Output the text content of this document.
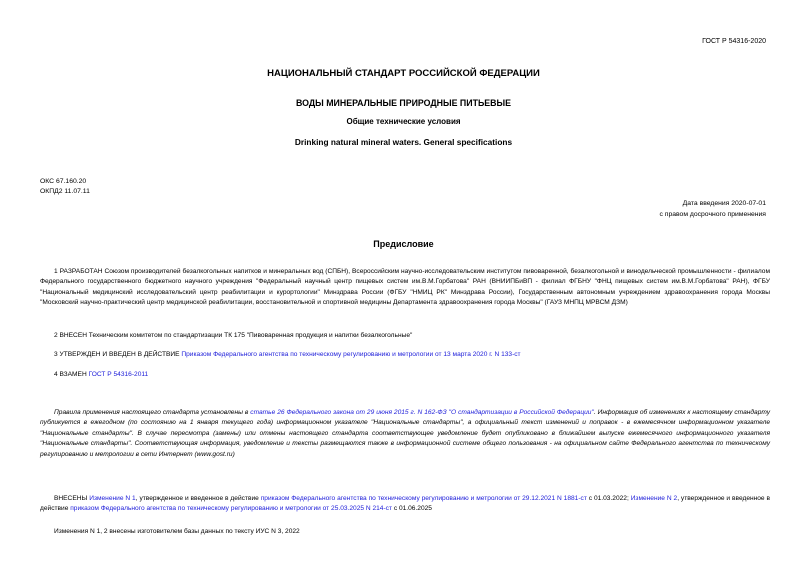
ГОСТ Р 54316-2020
НАЦИОНАЛЬНЫЙ СТАНДАРТ РОССИЙСКОЙ ФЕДЕРАЦИИ
ВОДЫ МИНЕРАЛЬНЫЕ ПРИРОДНЫЕ ПИТЬЕВЫЕ
Общие технические условия
Drinking natural mineral waters. General specifications
ОКС 67.160.20
ОКПД2 11.07.11
Дата введения 2020-07-01
с правом досрочного применения
Предисловие
1 РАЗРАБОТАН Союзом производителей безалкогольных напитков и минеральных вод (СПБН), Всероссийским научно-исследовательским институтом пивоваренной, безалкогольной и винодельческой промышленности - филиалом Федерального государственного бюджетного научного учреждения "Федеральный научный центр пищевых систем им.В.М.Горбатова" РАН (ВНИИПБиВП - филиал ФГБНУ "ФНЦ пищевых систем им.В.М.Горбатова" РАН), ФГБУ "Национальный медицинский исследовательский центр реабилитации и курортологии" Минздрава России (ФГБУ "НМИЦ РК" Минздрава России), Государственным автономным учреждением здравоохранения города Москвы "Московский научно-практический центр медицинской реабилитации, восстановительной и спортивной медицины Департамента здравоохранения города Москвы" (ГАУЗ МНПЦ МРВСМ ДЗМ)
2 ВНЕСЕН Техническим комитетом по стандартизации ТК 175 "Пивоваренная продукция и напитки безалкогольные"
3 УТВЕРЖДЕН И ВВЕДЕН В ДЕЙСТВИЕ Приказом Федерального агентства по техническому регулированию и метрологии от 13 марта 2020 г. N 133-ст
4 ВЗАМЕН ГОСТ Р 54316-2011
Правила применения настоящего стандарта установлены в статье 26 Федерального закона от 29 июня 2015 г. N 162-ФЗ "О стандартизации в Российской Федерации". Информация об изменениях к настоящему стандарту публикуется в ежегодном (по состоянию на 1 января текущего года) информационном указателе "Национальные стандарты", а официальный текст изменений и поправок - в ежемесячном информационном указателе "Национальные стандарты". В случае пересмотра (замены) или отмены настоящего стандарта соответствующее уведомление будет опубликовано в ближайшем выпуске ежемесячного информационного указателя "Национальные стандарты". Соответствующая информация, уведомление и тексты размещаются также в информационной системе общего пользования - на официальном сайте Федерального агентства по техническому регулированию и метрологии в сети Интернет (www.gost.ru)
ВНЕСЕНЫ Изменение N 1, утвержденное и введенное в действие приказом Федерального агентства по техническому регулированию и метрологии от 29.12.2021 N 1881-ст с 01.03.2022; Изменение N 2, утвержденное и введенное в действие приказом Федерального агентства по техническому регулированию и метрологии от 25.03.2025 N 214-ст с 01.06.2025
Изменения N 1, 2 внесены изготовителем базы данных по тексту ИУС N 3, 2022
